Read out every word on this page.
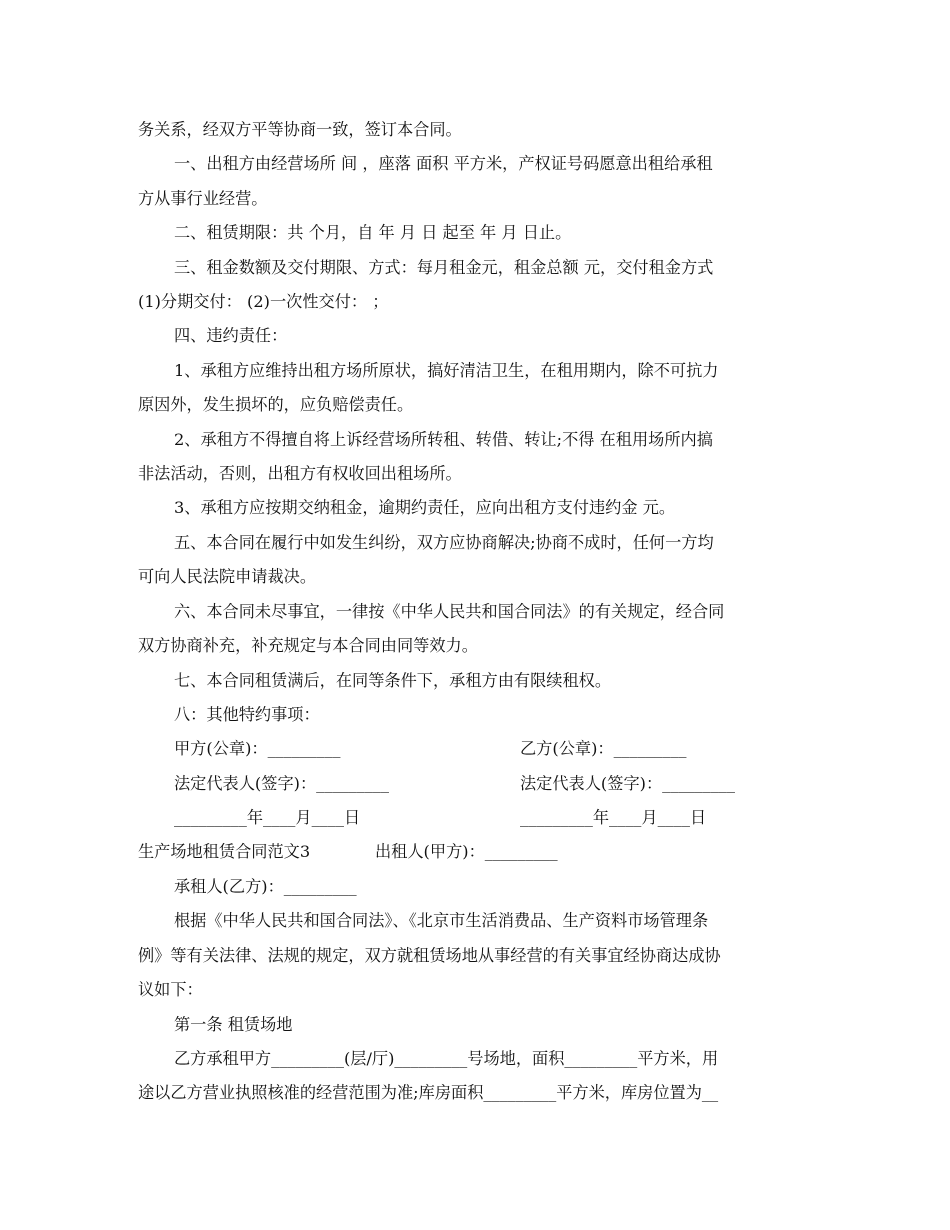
务关系，经双方平等协商一致，签订本合同。

一、出租方由经营场所 间 ，座落 面积 平方米，产权证号码愿意出租给承租

方从事行业经营。

二、租赁期限：共 个月，自 年 月 日 起至 年 月 日止。

三、租金数额及交付期限、方式：每月租金元，租金总额 元，交付租金方式

(1)分期交付： (2)一次性交付： ；

四、违约责任：

1、承租方应维持出租方场所原状，搞好清洁卫生，在租用期内，除不可抗力

原因外，发生损坏的，应负赔偿责任。

2、承租方不得擅自将上诉经营场所转租、转借、转让;不得 在租用场所内搞

非法活动，否则，出租方有权收回出租场所。

3、承租方应按期交纳租金，逾期约责任，应向出租方支付违约金 元。

五、本合同在履行中如发生纠纷，双方应协商解决;协商不成时，任何一方均

可向人民法院申请裁决。

六、本合同未尽事宜，一律按《中华人民共和国合同法》的有关规定，经合同

双方协商补充，补充规定与本合同由同等效力。

七、本合同租赁满后，在同等条件下，承租方由有限续租权。

八：其他特约事项：

甲方(公章)：_________	乙方(公章)：_________
法定代表人(签字)：_________	法定代表人(签字)：_________
_________年____月____日	_________年____月____日
生产场地租赁合同范文3	出租人(甲方)：_________

承租人(乙方)：_________

根据《中华人民共和国合同法》、《北京市生活消费品、生产资料市场管理条

例》等有关法律、法规的规定，双方就租赁场地从事经营的有关事宜经协商达成协

议如下：

第一条 租赁场地

乙方承租甲方_________(层/厅)_________号场地，面积_________平方米，用

途以乙方营业执照核准的经营范围为准;库房面积_________平方米，库房位置为__
